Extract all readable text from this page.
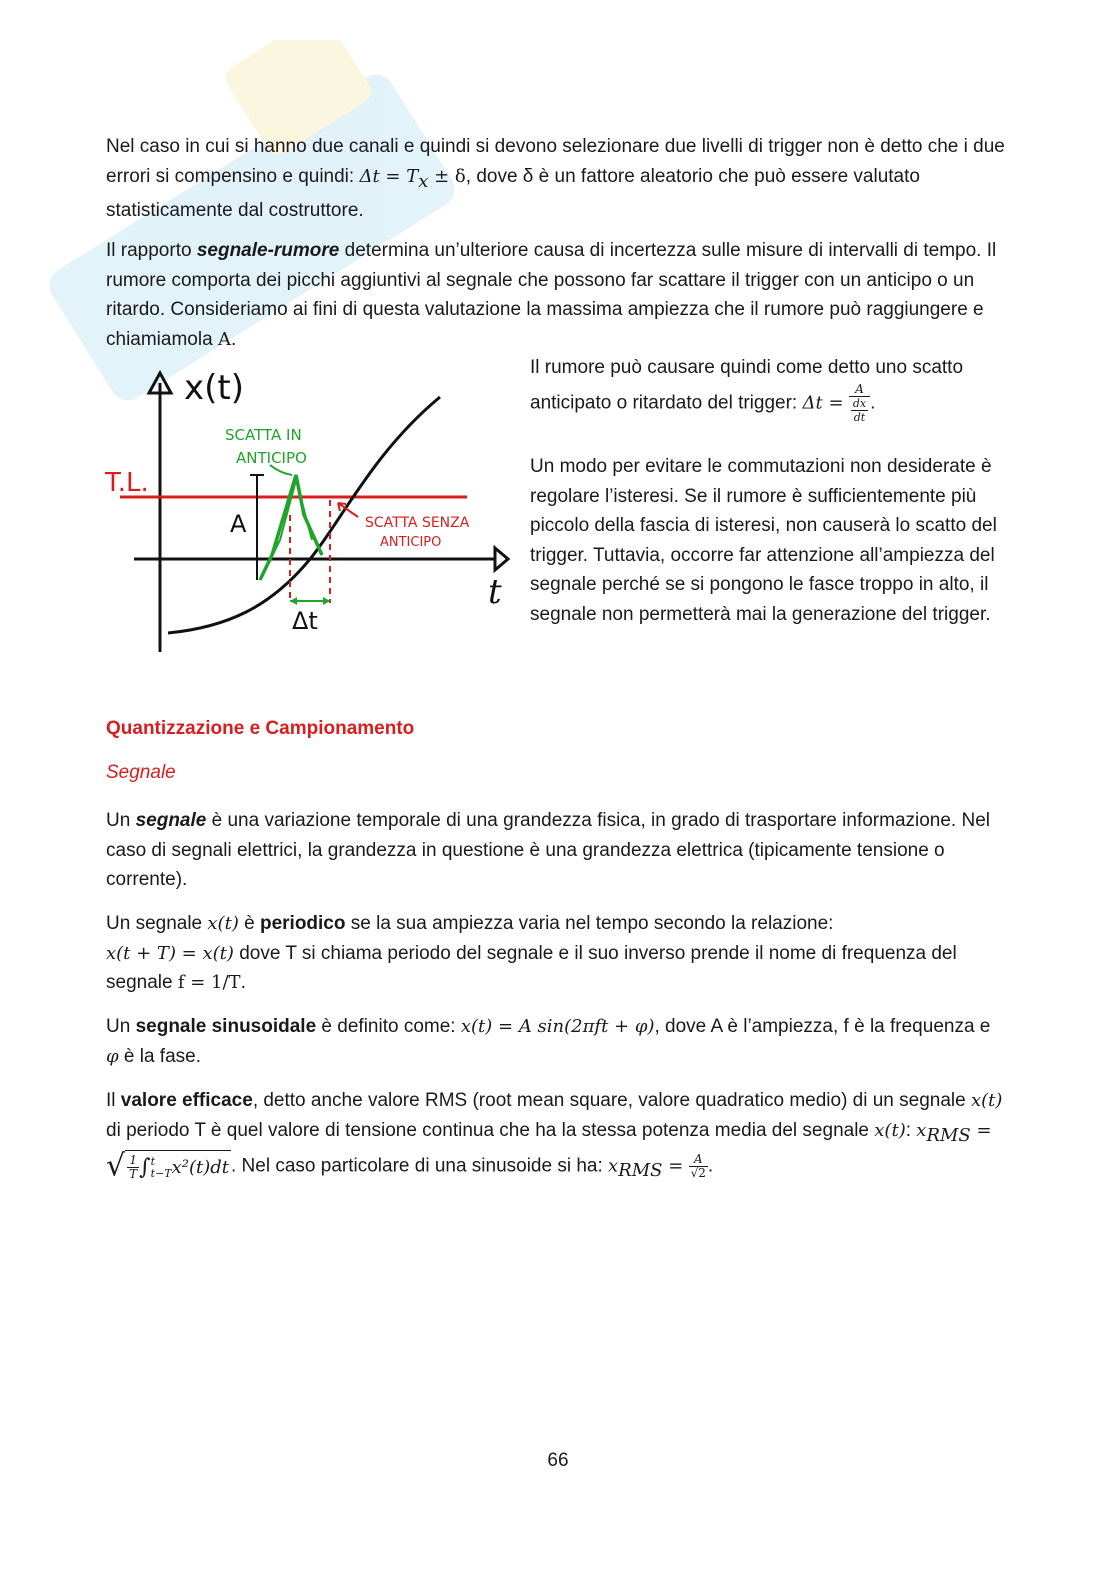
Nel caso in cui si hanno due canali e quindi si devono selezionare due livelli di trigger non è detto che i due errori si compensino e quindi: $\Delta t = T_x \pm \delta$, dove δ è un fattore aleatorio che può essere valutato statisticamente dal costruttore.
Il rapporto segnale-rumore determina un’ulteriore causa di incertezza sulle misure di intervalli di tempo. Il rumore comporta dei picchi aggiuntivi al segnale che possono far scattare il trigger con un anticipo o un ritardo. Consideriamo ai fini di questa valutazione la massima ampiezza che il rumore può raggiungere e chiamiamola A.
x(t)
t
T.L.
A
Δt
SCATTA IN
ANTICIPO
SCATTA SENZA
ANTICIPO
Il rumore può causare quindi come detto uno scatto anticipato o ritardato del trigger: $\Delta t = \frac{A}{\frac{dx}{dt}}$ .
Un modo per evitare le commutazioni non desiderate è regolare l’isteresi. Se il rumore è sufficientemente più piccolo della fascia di isteresi, non causerà lo scatto del trigger. Tuttavia, occorre far attenzione all’ampiezza del segnale perché se si pongono le fasce troppo in alto, il segnale non permetterà mai la generazione del trigger.
Quantizzazione e Campionamento
Segnale
Un segnale è una variazione temporale di una grandezza fisica, in grado di trasportare informazione. Nel caso di segnali elettrici, la grandezza in questione è una grandezza elettrica (tipicamente tensione o corrente).
Un segnale x(t) è periodico se la sua ampiezza varia nel tempo secondo la relazione:
x(t + T) = x(t) dove T si chiama periodo del segnale e il suo inverso prende il nome di frequenza del segnale f = 1/T.
Un segnale sinusoidale è definito come: x(t) = A sin(2πft + φ), dove A è l’ampiezza, f è la frequenza e φ è la fase.
Il valore efficace, detto anche valore RMS (root mean square, valore quadratico medio) di un segnale x(t) di periodo T è quel valore di tensione continua che ha la stessa potenza media del segnale x(t): $x_{RMS}$ = √ $\frac{1}{T}$ ∫ t
t−T x²(t)dt . Nel caso particolare di una sinusoide si ha: $x_{RMS} = \frac{A}{√2}$ .
66
